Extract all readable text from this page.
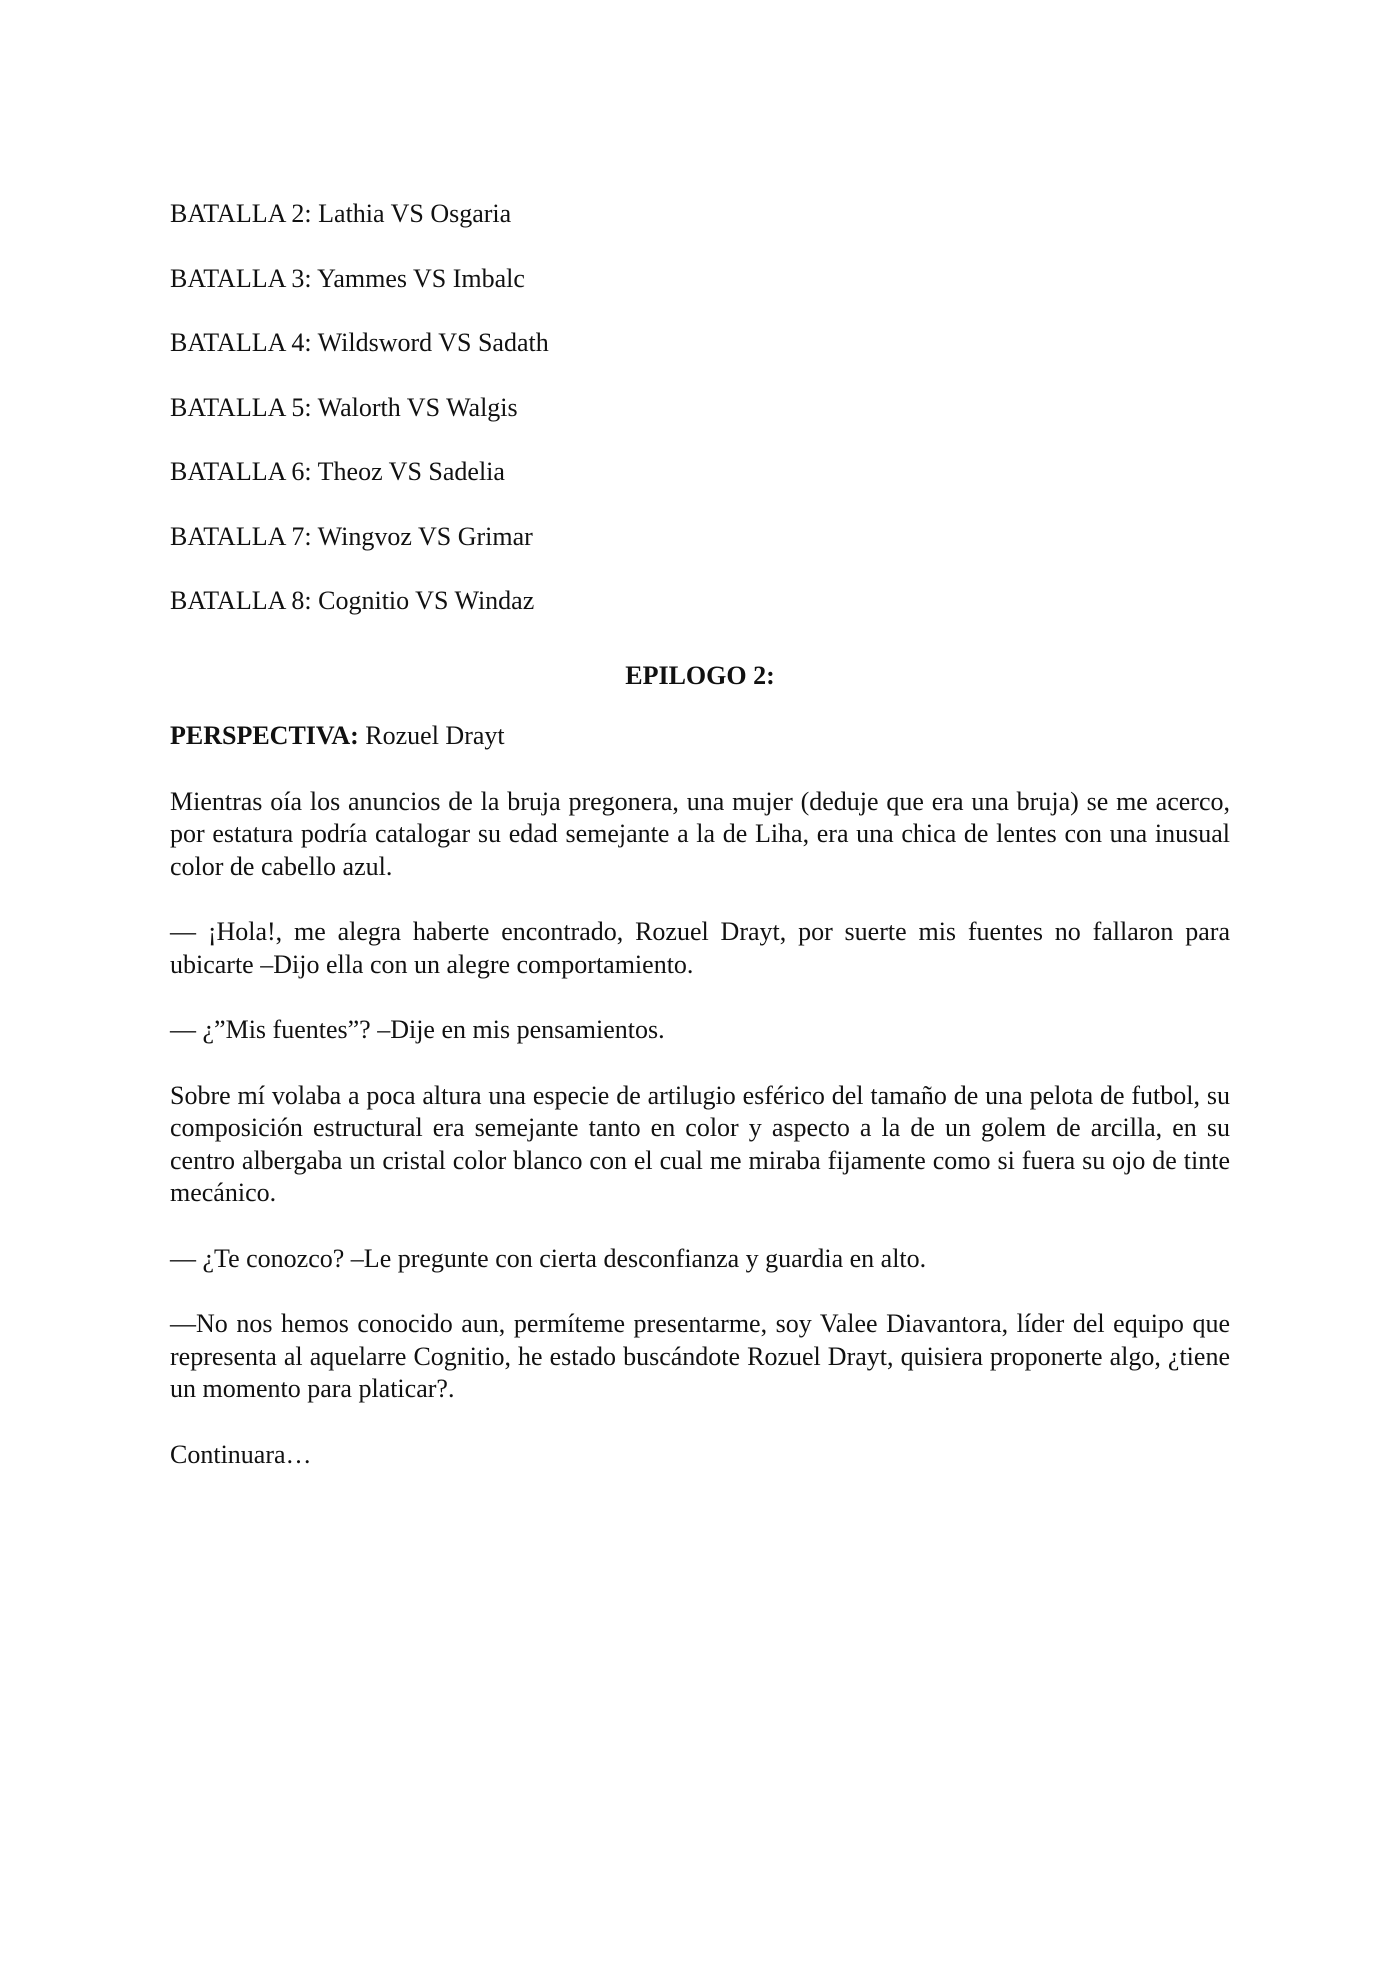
BATALLA 2: Lathia VS Osgaria
BATALLA 3: Yammes VS Imbalc
BATALLA 4: Wildsword VS Sadath
BATALLA 5: Walorth VS Walgis
BATALLA 6: Theoz VS Sadelia
BATALLA 7: Wingvoz VS Grimar
BATALLA 8: Cognitio VS Windaz
EPILOGO 2:
PERSPECTIVA: Rozuel Drayt

Mientras oía los anuncios de la bruja pregonera, una mujer (deduje que era una bruja) se me acerco, por estatura podría catalogar su edad semejante a la de Liha, era una chica de lentes con una inusual color de cabello azul.

— ¡Hola!, me alegra haberte encontrado, Rozuel Drayt, por suerte mis fuentes no fallaron para ubicarte –Dijo ella con un alegre comportamiento.

— ¿”Mis fuentes”? –Dije en mis pensamientos.

Sobre mí volaba a poca altura una especie de artilugio esférico del tamaño de una pelota de futbol, su composición estructural era semejante tanto en color y aspecto a la de un golem de arcilla, en su centro albergaba un cristal color blanco con el cual me miraba fijamente como si fuera su ojo de tinte mecánico.

— ¿Te conozco? –Le pregunte con cierta desconfianza y guardia en alto.

—No nos hemos conocido aun, permíteme presentarme, soy Valee Diavantora, líder del equipo que representa al aquelarre Cognitio, he estado buscándote Rozuel Drayt, quisiera proponerte algo, ¿tiene un momento para platicar?.

Continuara…
